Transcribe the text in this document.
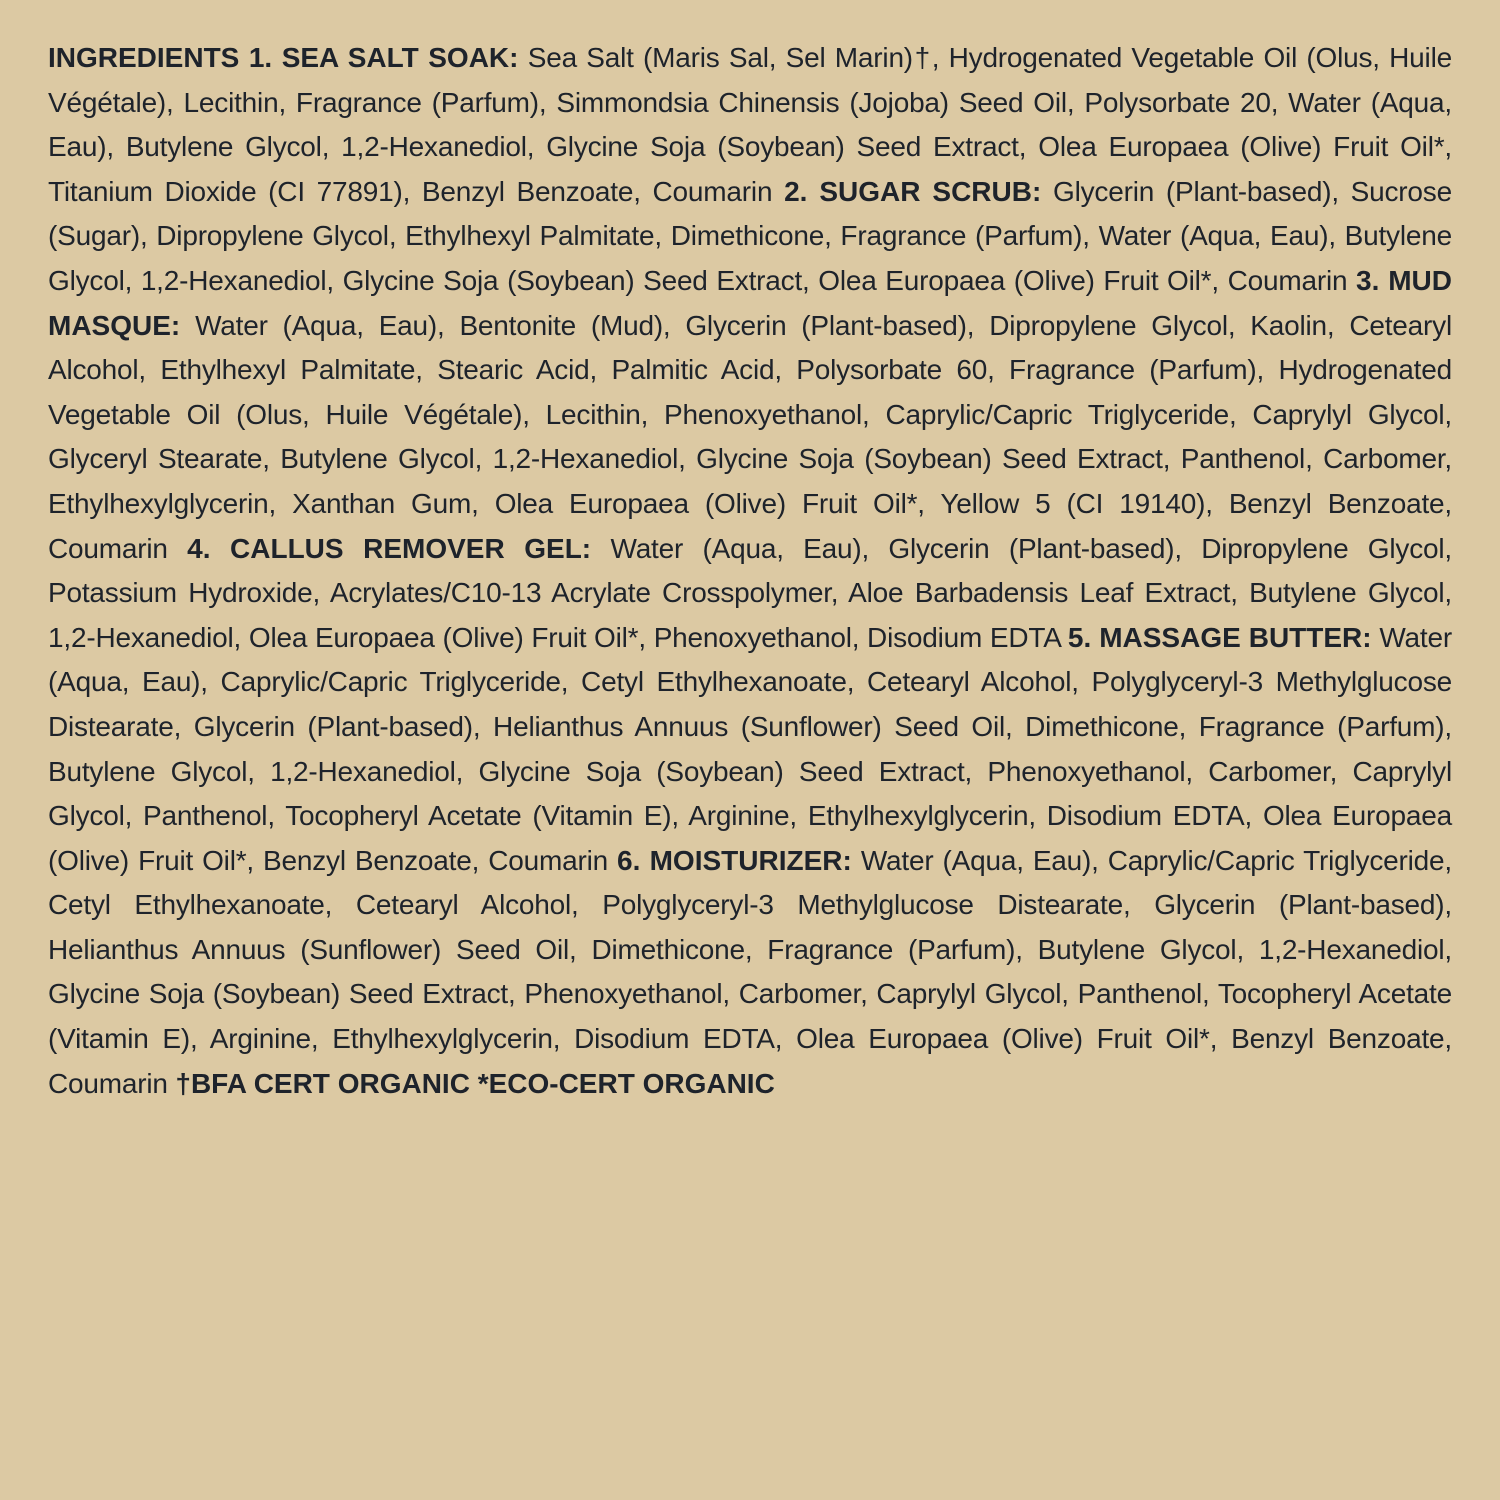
INGREDIENTS 1. SEA SALT SOAK: Sea Salt (Maris Sal, Sel Marin)†, Hydrogenated Vegetable Oil (Olus, Huile Végétale), Lecithin, Fragrance (Parfum), Simmondsia Chinensis (Jojoba) Seed Oil, Polysorbate 20, Water (Aqua, Eau), Butylene Glycol, 1,2-Hexanediol, Glycine Soja (Soybean) Seed Extract, Olea Europaea (Olive) Fruit Oil*, Titanium Dioxide (CI 77891), Benzyl Benzoate, Coumarin 2. SUGAR SCRUB: Glycerin (Plant-based), Sucrose (Sugar), Dipropylene Glycol, Ethylhexyl Palmitate, Dimethicone, Fragrance (Parfum), Water (Aqua, Eau), Butylene Glycol, 1,2-Hexanediol, Glycine Soja (Soybean) Seed Extract, Olea Europaea (Olive) Fruit Oil*, Coumarin 3. MUD MASQUE: Water (Aqua, Eau), Bentonite (Mud), Glycerin (Plant-based), Dipropylene Glycol, Kaolin, Cetearyl Alcohol, Ethylhexyl Palmitate, Stearic Acid, Palmitic Acid, Polysorbate 60, Fragrance (Parfum), Hydrogenated Vegetable Oil (Olus, Huile Végétale), Lecithin, Phenoxyethanol, Caprylic/Capric Triglyceride, Caprylyl Glycol, Glyceryl Stearate, Butylene Glycol, 1,2-Hexanediol, Glycine Soja (Soybean) Seed Extract, Panthenol, Carbomer, Ethylhexylglycerin, Xanthan Gum, Olea Europaea (Olive) Fruit Oil*, Yellow 5 (CI 19140), Benzyl Benzoate, Coumarin 4. CALLUS REMOVER GEL: Water (Aqua, Eau), Glycerin (Plant-based), Dipropylene Glycol, Potassium Hydroxide, Acrylates/C10-13 Acrylate Crosspolymer, Aloe Barbadensis Leaf Extract, Butylene Glycol, 1,2-Hexanediol, Olea Europaea (Olive) Fruit Oil*, Phenoxyethanol, Disodium EDTA 5. MASSAGE BUTTER: Water (Aqua, Eau), Caprylic/Capric Triglyceride, Cetyl Ethylhexanoate, Cetearyl Alcohol, Polyglyceryl-3 Methylglucose Distearate, Glycerin (Plant-based), Helianthus Annuus (Sunflower) Seed Oil, Dimethicone, Fragrance (Parfum), Butylene Glycol, 1,2-Hexanediol, Glycine Soja (Soybean) Seed Extract, Phenoxyethanol, Carbomer, Caprylyl Glycol, Panthenol, Tocopheryl Acetate (Vitamin E), Arginine, Ethylhexylglycerin, Disodium EDTA, Olea Europaea (Olive) Fruit Oil*, Benzyl Benzoate, Coumarin 6. MOISTURIZER: Water (Aqua, Eau), Caprylic/Capric Triglyceride, Cetyl Ethylhexanoate, Cetearyl Alcohol, Polyglyceryl-3 Methylglucose Distearate, Glycerin (Plant-based), Helianthus Annuus (Sunflower) Seed Oil, Dimethicone, Fragrance (Parfum), Butylene Glycol, 1,2-Hexanediol, Glycine Soja (Soybean) Seed Extract, Phenoxyethanol, Carbomer, Caprylyl Glycol, Panthenol, Tocopheryl Acetate (Vitamin E), Arginine, Ethylhexylglycerin, Disodium EDTA, Olea Europaea (Olive) Fruit Oil*, Benzyl Benzoate, Coumarin †BFA CERT ORGANIC *ECO-CERT ORGANIC
